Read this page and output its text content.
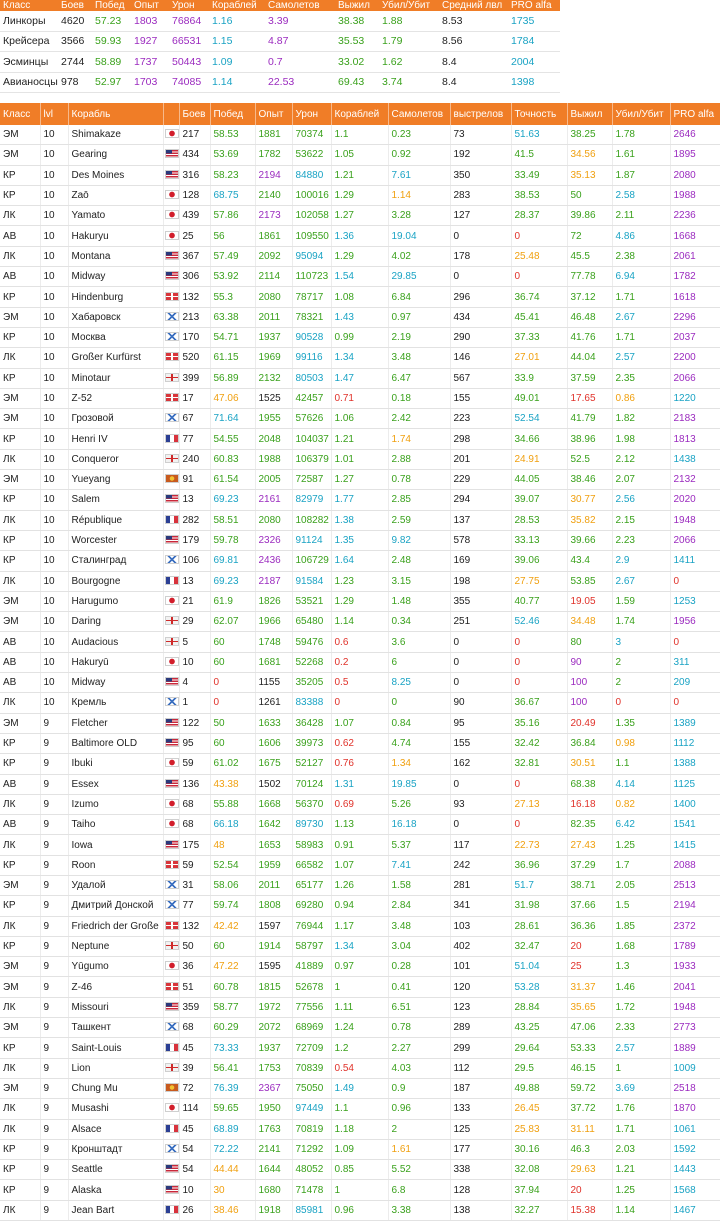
Класс	Боев	Побед	Опыт	Урон	Кораблей	Самолетов	Выжил	Убил/Убит	Средний лвл	PRO alfa
Линкоры	4620	57.23	1803	76864	1.16	3.39	38.38	1.88	8.53	1735
Крейсера	3566	59.93	1927	66531	1.15	4.87	35.53	1.79	8.56	1784
Эсминцы	2744	58.89	1737	50443	1.09	0.7	33.02	1.62	8.4	2004
Авианосцы	978	52.97	1703	74085	1.14	22.53	69.43	3.74	8.4	1398
Класс	lvl	Корабль		Боев	Побед	Опыт	Урон	Кораблей	Самолетов	выстрелов	Точность	Выжил	Убил/Убит	PRO alfa
ЭМ	10	Shimakaze		217	58.53	1881	70374	1.1	0.23	73	51.63	38.25	1.78	2646
ЭМ	10	Gearing		434	53.69	1782	53622	1.05	0.92	192	41.5	34.56	1.61	1895
КР	10	Des Moines		316	58.23	2194	84880	1.21	7.61	350	33.49	35.13	1.87	2080
КР	10	Zaō		128	68.75	2140	100016	1.29	1.14	283	38.53	50	2.58	1988
ЛК	10	Yamato		439	57.86	2173	102058	1.27	3.28	127	28.37	39.86	2.11	2236
АВ	10	Hakuryu		25	56	1861	109550	1.36	19.04	0	0	72	4.86	1668
ЛК	10	Montana		367	57.49	2092	95094	1.29	4.02	178	25.48	45.5	2.38	2061
АВ	10	Midway		306	53.92	2114	110723	1.54	29.85	0	0	77.78	6.94	1782
КР	10	Hindenburg		132	55.3	2080	78717	1.08	6.84	296	36.74	37.12	1.71	1618
ЭМ	10	Хабаровск		213	63.38	2011	78321	1.43	0.97	434	45.41	46.48	2.67	2296
КР	10	Москва		170	54.71	1937	90528	0.99	2.19	290	37.33	41.76	1.71	2037
ЛК	10	Großer Kurfürst		520	61.15	1969	99116	1.34	3.48	146	27.01	44.04	2.57	2200
КР	10	Minotaur		399	56.89	2132	80503	1.47	6.47	567	33.9	37.59	2.35	2066
ЭМ	10	Z-52		17	47.06	1525	42457	0.71	0.18	155	49.01	17.65	0.86	1220
ЭМ	10	Грозовой		67	71.64	1955	57626	1.06	2.42	223	52.54	41.79	1.82	2183
КР	10	Henri IV		77	54.55	2048	104037	1.21	1.74	298	34.66	38.96	1.98	1813
ЛК	10	Conqueror		240	60.83	1988	106379	1.01	2.88	201	24.91	52.5	2.12	1438
ЭМ	10	Yueyang		91	61.54	2005	72587	1.27	0.78	229	44.05	38.46	2.07	2132
КР	10	Salem		13	69.23	2161	82979	1.77	2.85	294	39.07	30.77	2.56	2020
ЛК	10	République		282	58.51	2080	108282	1.38	2.59	137	28.53	35.82	2.15	1948
КР	10	Worcester		179	59.78	2326	91124	1.35	9.82	578	33.13	39.66	2.23	2066
КР	10	Сталинград		106	69.81	2436	106729	1.64	2.48	169	39.06	43.4	2.9	1411
ЛК	10	Bourgogne		13	69.23	2187	91584	1.23	3.15	198	27.75	53.85	2.67	0
ЭМ	10	Harugumo		21	61.9	1826	53521	1.29	1.48	355	40.77	19.05	1.59	1253
ЭМ	10	Daring		29	62.07	1966	65480	1.14	0.34	251	52.46	34.48	1.74	1956
АВ	10	Audacious		5	60	1748	59476	0.6	3.6	0	0	80	3	0
АВ	10	Hakuryū		10	60	1681	52268	0.2	6	0	0	90	2	311
АВ	10	Midway		4	0	1155	35205	0.5	8.25	0	0	100	2	209
ЛК	10	Кремль		1	0	1261	83388	0	0	90	36.67	100	0	0
ЭМ	9	Fletcher		122	50	1633	36428	1.07	0.84	95	35.16	20.49	1.35	1389
КР	9	Baltimore OLD		95	60	1606	39973	0.62	4.74	155	32.42	36.84	0.98	1112
КР	9	Ibuki		59	61.02	1675	52127	0.76	1.34	162	32.81	30.51	1.1	1388
АВ	9	Essex		136	43.38	1502	70124	1.31	19.85	0	0	68.38	4.14	1125
ЛК	9	Izumo		68	55.88	1668	56370	0.69	5.26	93	27.13	16.18	0.82	1400
АВ	9	Taiho		68	66.18	1642	89730	1.13	16.18	0	0	82.35	6.42	1541
ЛК	9	Iowa		175	48	1653	58983	0.91	5.37	117	22.73	27.43	1.25	1415
КР	9	Roon		59	52.54	1959	66582	1.07	7.41	242	36.96	37.29	1.7	2088
ЭМ	9	Удалой		31	58.06	2011	65177	1.26	1.58	281	51.7	38.71	2.05	2513
КР	9	Дмитрий Донской		77	59.74	1808	69280	0.94	2.84	341	31.98	37.66	1.5	2194
ЛК	9	Friedrich der Große		132	42.42	1597	76944	1.17	3.48	103	28.61	36.36	1.85	2372
КР	9	Neptune		50	60	1914	58797	1.34	3.04	402	32.47	20	1.68	1789
ЭМ	9	Yūgumo		36	47.22	1595	41889	0.97	0.28	101	51.04	25	1.3	1933
ЭМ	9	Z-46		51	60.78	1815	52678	1	0.41	120	53.28	31.37	1.46	2041
ЛК	9	Missouri		359	58.77	1972	77556	1.11	6.51	123	28.84	35.65	1.72	1948
ЭМ	9	Ташкент		68	60.29	2072	68969	1.24	0.78	289	43.25	47.06	2.33	2773
КР	9	Saint-Louis		45	73.33	1937	72709	1.2	2.27	299	29.64	53.33	2.57	1889
ЛК	9	Lion		39	56.41	1753	70839	0.54	4.03	112	29.5	46.15	1	1009
ЭМ	9	Chung Mu		72	76.39	2367	75050	1.49	0.9	187	49.88	59.72	3.69	2518
ЛК	9	Musashi		114	59.65	1950	97449	1.1	0.96	133	26.45	37.72	1.76	1870
ЛК	9	Alsace		45	68.89	1763	70819	1.18	2	125	25.83	31.11	1.71	1061
КР	9	Кронштадт		54	72.22	2141	71292	1.09	1.61	177	30.16	46.3	2.03	1592
КР	9	Seattle		54	44.44	1644	48052	0.85	5.52	338	32.08	29.63	1.21	1443
КР	9	Alaska		10	30	1680	71478	1	6.8	128	37.94	20	1.25	1568
ЛК	9	Jean Bart		26	38.46	1918	85981	0.96	3.38	138	32.27	15.38	1.14	1467
